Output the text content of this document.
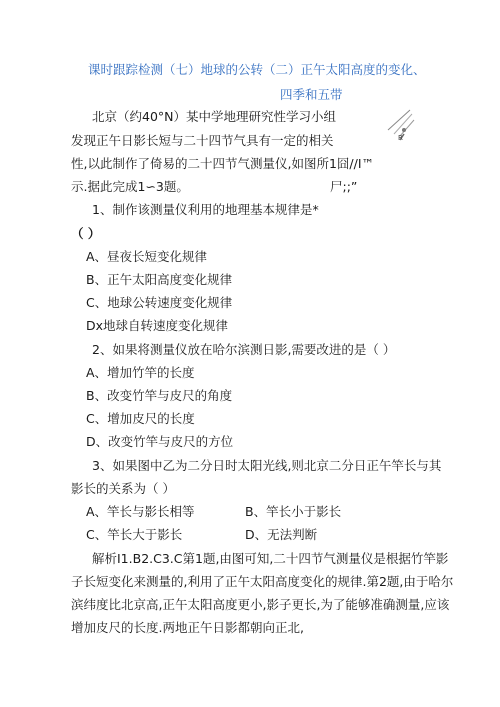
课时跟踪检测（七）地球的公转（二）正午太阳高度的变化、
四季和五带
R
北京（约40°N）某中学地理研究性学习小组
发现正午日影长短与二十四节气具有一定的相关
性,以此制作了倚易的二十四节气测量仪,如图所1囧//I™
示.据此完成1∽3题。	尸;;”
1、制作该测量仪利用的地理基本规律是*
（ ）
A、昼夜长短变化规律
B、正午太阳高度变化规律
C、地球公转速度变化规律
Dx地球自转速度变化规律
2、如果将测量仪放在哈尔滨测日影,需要改进的是（ ）
A、增加竹竿的长度
B、改变竹竿与皮尺的角度
C、增加皮尺的长度
D、改变竹竿与皮尺的方位
3、如果图中乙为二分日时太阳光线,则北京二分日正午竿长与其
影长的关系为（ ）
A、竿长与影长相等	B、竿长小于影长
C、竿长大于影长	D、无法判断
解析I1.B2.C3.C第1题,由图可知,二十四节气测量仪是根据竹竿影
子长短变化来测量的,利用了正午太阳高度变化的规律.第2题,由于哈尔
滨纬度比北京高,正午太阳高度更小,影子更长,为了能够准确测量,应该
增加皮尺的长度.两地正午日影都朝向正北,
